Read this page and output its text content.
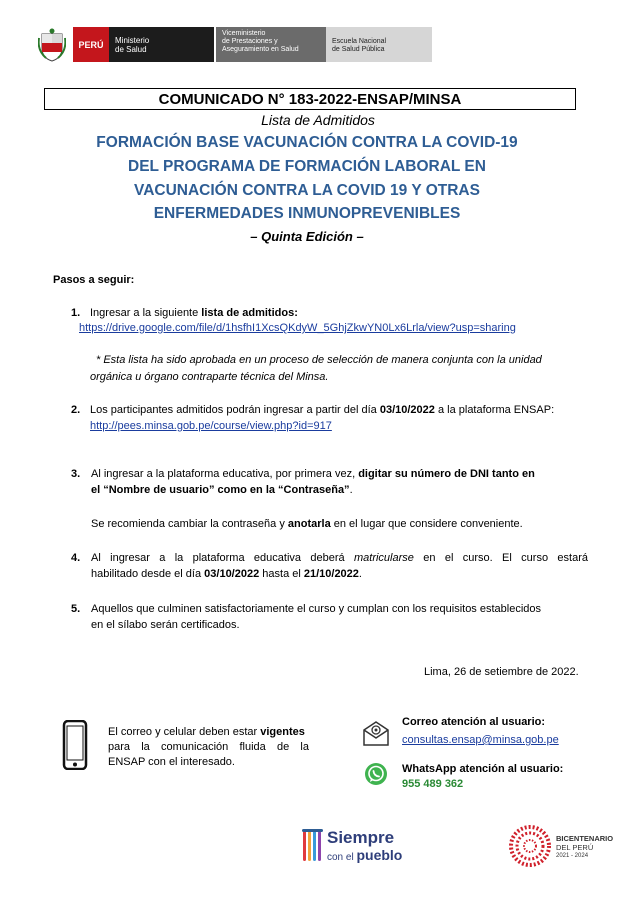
PERÚ Ministerio
de Salud
Viceministerio
de Prestaciones y
Aseguramiento en Salud
Escuela Nacional
de Salud Pública
COMUNICADO N° 183-2022-ENSAP/MINSA
Lista de Admitidos
FORMACIÓN BASE VACUNACIÓN CONTRA LA COVID-19
DEL PROGRAMA DE FORMACIÓN LABORAL EN
VACUNACIÓN CONTRA LA COVID 19 Y OTRAS
ENFERMEDADES INMUNOPREVENIBLES
– Quinta Edición –
Pasos a seguir:
1. Ingresar a la siguiente lista de admitidos:
https://drive.google.com/file/d/1hsfhI1XcsQKdyW_5GhjZkwYN0Lx6Lrla/view?usp=sharing
* Esta lista ha sido aprobada en un proceso de selección de manera conjunta con la unidad
orgánica u órgano contraparte técnica del Minsa.
2. Los participantes admitidos podrán ingresar a partir del día 03/10/2022 a la plataforma ENSAP:
http://pees.minsa.gob.pe/course/view.php?id=917
3. Al ingresar a la plataforma educativa, por primera vez, digitar su número de DNI tanto en
el “Nombre de usuario” como en la “Contraseña”.
Se recomienda cambiar la contraseña y anotarla en el lugar que considere conveniente.
4. Al ingresar a la plataforma educativa deberá matricularse en el curso. El curso estará
habilitado desde el día 03/10/2022 hasta el 21/10/2022.
5. Aquellos que culminen satisfactoriamente el curso y cumplan con los requisitos establecidos
en el sílabo serán certificados.
Lima, 26 de setiembre de 2022.
El correo y celular deben estar vigentes
para la comunicación fluida de la
ENSAP con el interesado.
Correo atención al usuario:
consultas.ensap@minsa.gob.pe
WhatsApp atención al usuario:
955 489 362
Siempre
con el pueblo
BICENTENARIO
DEL PERÚ
2021 - 2024
